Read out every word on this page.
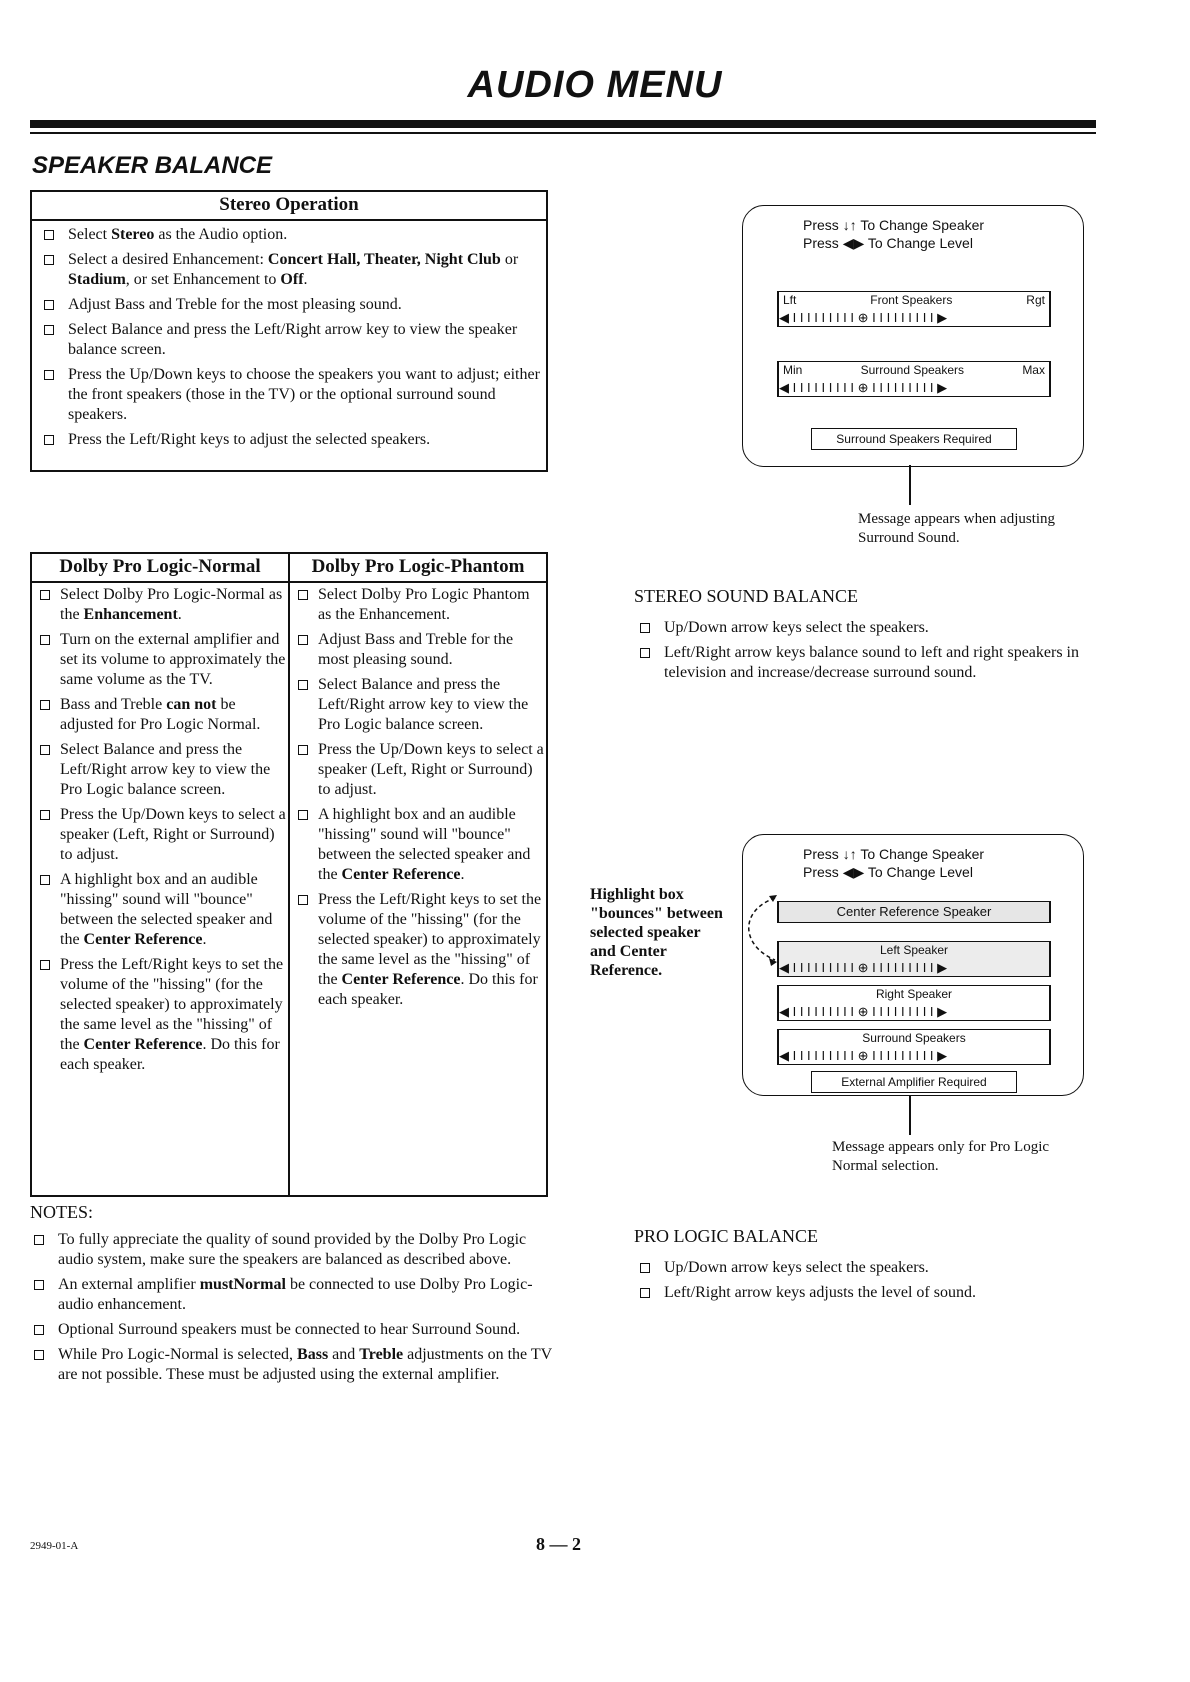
AUDIO MENU
SPEAKER BALANCE
Stereo Operation
Select Stereo as the Audio option.
Select a desired Enhancement: Concert Hall, Theater, Night Club or Stadium, or set Enhancement to Off.
Adjust Bass and Treble for the most pleasing sound.
Select Balance and press the Left/Right arrow key to view the speaker balance screen.
Press the Up/Down keys to choose the speakers you want to adjust; either the front speakers (those in the TV) or the optional surround sound speakers.
Press the Left/Right keys to adjust the selected speakers.
Press ↓↑ To Change Speaker
Press ◀▶ To Change Level
Lft	Front Speakers	Rgt
◀ I I I I I I I I I ⊕ I I I I I I I I I ▶
Min	Surround Speakers	Max
◀ I I I I I I I I I ⊕ I I I I I I I I I ▶
Surround Speakers Required
Message appears when adjusting Surround Sound.
Dolby Pro Logic-Normal
Select Dolby Pro Logic-Normal as the Enhancement.
Turn on the external amplifier and set its volume to approximately the same volume as the TV.
Bass and Treble can not be adjusted for Pro Logic Normal.
Select Balance and press the Left/Right arrow key to view the Pro Logic balance screen.
Press the Up/Down keys to select a speaker (Left, Right or Surround) to adjust.
A highlight box and an audible "hissing" sound will "bounce" between the selected speaker and the Center Reference.
Press the Left/Right keys to set the volume of the "hissing" (for the selected speaker) to approximately the same level as the "hissing" of the Center Reference. Do this for each speaker.
Dolby Pro Logic-Phantom
Select Dolby Pro Logic Phantom as the Enhancement.
Adjust Bass and Treble for the most pleasing sound.
Select Balance and press the Left/Right arrow key to view the Pro Logic balance screen.
Press the Up/Down keys to select a speaker (Left, Right or Surround) to adjust.
A highlight box and an audible "hissing" sound will "bounce" between the selected speaker and the Center Reference.
Press the Left/Right keys to set the volume of the "hissing" (for the selected speaker) to approximately the same level as the "hissing" of the Center Reference. Do this for each speaker.
STEREO SOUND BALANCE
Up/Down arrow keys select the speakers.
Left/Right arrow keys balance sound to left and right speakers in television and increase/decrease surround sound.
Press ↓↑ To Change Speaker
Press ◀▶ To Change Level
Center Reference Speaker
Left Speaker
◀ I I I I I I I I I ⊕ I I I I I I I I I ▶
Right Speaker
◀ I I I I I I I I I ⊕ I I I I I I I I I ▶
Surround Speakers
◀ I I I I I I I I I ⊕ I I I I I I I I I ▶
External Amplifier Required
Highlight box "bounces" between selected speaker and Center Reference.
Message appears only for Pro Logic Normal selection.
NOTES:
To fully appreciate the quality of sound provided by the Dolby Pro Logic audio system, make sure the speakers are balanced as described above.
An external amplifier mustNormal be connected to use Dolby Pro Logic- audio enhancement.
Optional Surround speakers must be connected to hear Surround Sound.
While Pro Logic-Normal is selected, Bass and Treble adjustments on the TV are not possible. These must be adjusted using the external amplifier.
PRO LOGIC BALANCE
Up/Down arrow keys select the speakers.
Left/Right arrow keys adjusts the level of sound.
2949-01-A	8 — 2
